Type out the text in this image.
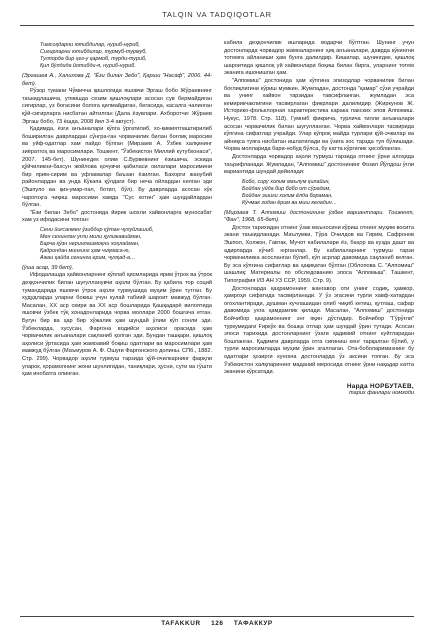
TALQIN VA TADQIQOTLAR
Тимсоҳдарни ютибдилар, нуриб-нуриб,
Сигирларни ютибдилар, турмуб-турмуб,
Тулпорда бир ҳез-у қармоб, турди-туриб,
Қил бўлдида йотибди-я, нуриб-нуриб.

(Эргашев А., Халилова Д. "Ёзи билан Зебо", Қарши "Насаф", 2006. 44-бет).

Рўзор тумани Чўмичча қишлоғида яшовчи Эргаш бобо Жўраевнинг таъкидлашича, утмишда сезим қишлоқлари асосан сув бермайдиган сигирлар, уз богасини болога қилмайдиган, бегасида, касалга чалинган қўй-сигирларга нисбатан айтилган (Дала ёзувлари. Ахборотчи: Жўраев Эргаш бобо, 73 ёшда, 2008 йил 3-4 август).

Қадимда, ёзги анъаналари кўпга ўргатилиб, хо-кимиятлаштирилиб боширилган даврлардан сўнгра-ган чорвачилик билан боғлиқ маросим ва уйф-одатлар хам пайдо бўлган (Мирзаев А. Ўзбек халқининг зиёратгоҳ ва маросимлари. Тошкент, "Ўзбекистон Миллий кутубхонаси", 2007. 145-бет). Шунингдек олим С.Бурвевнинг ёзишича, эскида қўйчиликни-бахсун жойлова қочувчи қабиласи оилалари маросимини бир ярим-сирим ва уфламалар баъзан ёзилган. Бахорги жанубий районлардан ва унда Кўкапа қўлдаги бир неча ойлардан келган эди (Эшпуло ва қиз-умар-пал, ботил, бўл). Бу даврларда асосан кўк чарогоҳга чиқиш маросими хамда "Сус хотин" ҳам шундайлардан бўлган.

"Ёзи билан Зебо" достонида йирик шохли хайвонларга муносабат хам уз ифодасини топган:

Сени йиғсанмен ўзибдир қўтан чулуйлашиб,
Мен сенинлан уғли мили қулижавийман,
Барча қўзн неринлашмоқни хоҳлайман,
Қадрондан мингинг ҳам чиқмаса-ю,
Ажаи қайда сенинга ерим, чулқад-а…

(ўша асар, 39 бет).

Ифодалашда ҳайвонларнинг кўплаб қисмларида ярим ўтрок ва ўтрок деҳқончилик билан шуғулланувчи аҳоли бўлган. Бу қабила тор соций тумандарида яшовчи ўтрок аҳоли турмушида муҳим ўрин тутган. Бу худудларда уларни бокиш учун кулай табиий шароит мавжуд бўлган. Масалан, XX аср охири ва XX аср бошларида Қашқадарё вилоятида яшовчи ўзбек тўқ хонадонларида чорва моллари 2000 бошгача етган. Бугун бир ва ҳар бир хўжалик ҳам шундай ўлим кўп сонли эди. Ўзбекларда, хусусан, Фарғона водийси аҳолиси орасида ҳам чорвачилик анъаналари сақланиб қолган эди. Бундан ташқари, қишлоқ аҳолиси ўртасида ҳам жамоавий боқиш одатлари ва маросимлари ҳам мавжуд бўлган (Маъмуров А. Ф. Ошуғи Фарғонского долины. СПб., 1882. Стр. 299). Чорвадор аҳоли турмуш тарзида қўй-очилкарнинг фарқли уларок, қорамолнинг жони шунлигидан, таниқлари, ҳусни, сути ва гўшти ҳам инобатга олинган.

кабила деҳқончилик ишларида водарчи бўлтган. Шунинг учун достонларда чорвадор жамоаларнинг ҳиқ анъаналари, даврда кўкингни тотемга айланиши ҳам бунга далилдир. Кишилар, шунингдек, қишлоқ шароитида қишлоқ уй хайвонлари боқиш билан бирга, уларнинг тотем эканига ишонишган ҳам.

"Алпомиш" достонида ҳам кўпгина эпизодлар чорвачилик билан боғлиқлигини кўриш мумкин. Жумладан, достонда "қамар" сўзи учрайди ва унинг хайвон тарзидан тавсифланган, жумладан эса кемирикчаклигини тасвирлаган фикрлари далилидир (Жиркунов Ж. Историко-фольклорная характеристика карака пакских эпов Алпомиш. Нукус, 1978. Стр. 118). Гумниб фикрича, турлича тилли анъаналари асосан чорвачилик билан шуғулланган. Чорва хайвонлари тасвирида кўпгина сифатлар учрайди. Улар кўпроқ майда турлари қўй-эчкилар ва айниқса туяга нисбатан ишлатилади ва ўзига хос тарзда туя бўлишади. Чорва молларида бари-нобуд бўлса, бу катта кўргилик ҳисобланган.

Достонларда чорвадор аҳоли турмуш тарзида отнинг ўрни алоҳида таърифланади. Жумладан, "Алпомиш" достонининг Фозил Йўлдош ўғли вариантида шундай дейилади:

Бобо, сиру холим маълум қилайин,
Бойдан уйда бир бобо от сўрадим,
Бойдан эшиги холим ёлда бораман,
Кўчмак зодан ёрим ва миш келадин…

(Мирзаев Т. Алпомиш достонининг ўзбек вариантлари. Тошкент, "Фан", 1968, 65-бет).

Достон тарихидан отнинг ўзак маъносини кўриш отнинг муҳим восита экани таъкидланади. Маълумки, Тўра Очилдов ва Гирим, Сафронов Эшпол, Холжон, Гавтак, Мучот кабилалари ёз, баҳор ва кузда дашт ва адирларда кўчиб юрганлар. Бу кабилаларнинг турмуш тарзи чорвачиликка асосланган бўлиб, кўп асрлар давомида сақланиб келган. Бу эса кўпгина сифатлар ва ҳақиқатан бўлган (Облопова С. "Алпомиш" шашлиқ: Материалы по обследованию эпоса "Алпомыш". Ташкент, Типография ИЗ АН УЗ ССР, 1959. Стр. 9).

Достонларда қаҳрамоннинг жангавор оти унинг содиқ, ҳамкор, ҳамроҳи сифатида тасвирланади. У ўз эгасини турли хавф-хатардан огохлантиради, душман кучлашидан олиб чиқиб кетиш, қутлаш, сафар давомида унга ҳамдамлик қилади. Масалан, "Алпомиш" достонида Бойчибор қаҳрамоннинг энг яқин дўстидир. Бойчибор "Гўрўғли" туркумидаги Ғиркўк ва бошқа отлар ҳам шундай ўрин тутади. Асосан эпоси тарихида достонларнинг ўзаги қадимий отнинг куйтларидан бошланган. Қадимги даврларда отга сиғиниш кенг тарқалган бўлиб, у турли маросимларда муҳим ўрин эгаллаган. Ота-боболаримизнинг бу одатлари ҳозирги кунгача достонларда ўз аксини топган. Бу эса Ўзбекистон халқларининг маданий меросида отнинг ўрни нақадар катта эканини кўрсатади.

Нарда НОРБУТАЕВ,
тарих фанлари номзоди
TAFAKKUR 126 ТАФАККУР
